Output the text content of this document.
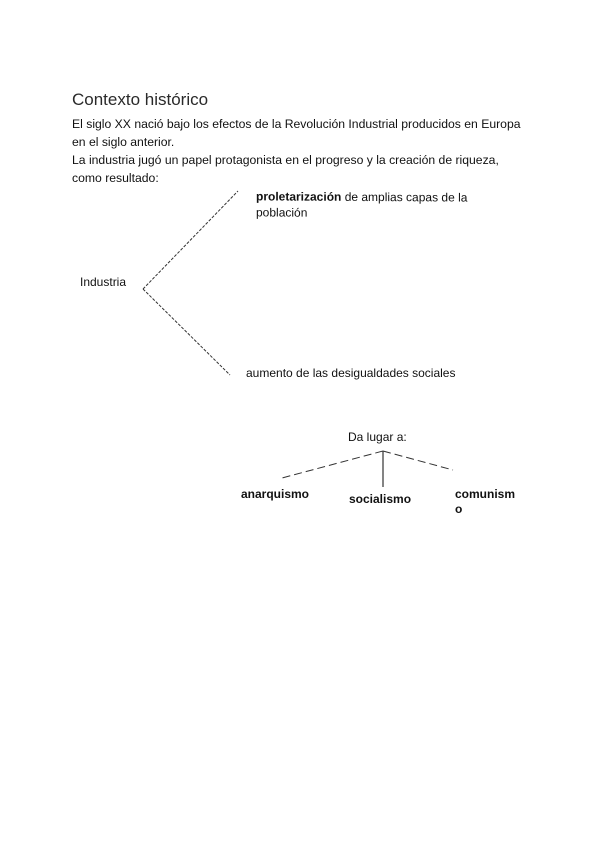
Contexto histórico

El siglo XX nació bajo los efectos de la Revolución Industrial producidos en Europa en el siglo anterior.

La industria jugó un papel protagonista en el progreso y la creación de riqueza, como resultado:

Industria

proletarización de amplias capas de la población

aumento de las desigualdades sociales

Da lugar a:

anarquismo	socialismo	comunismo
